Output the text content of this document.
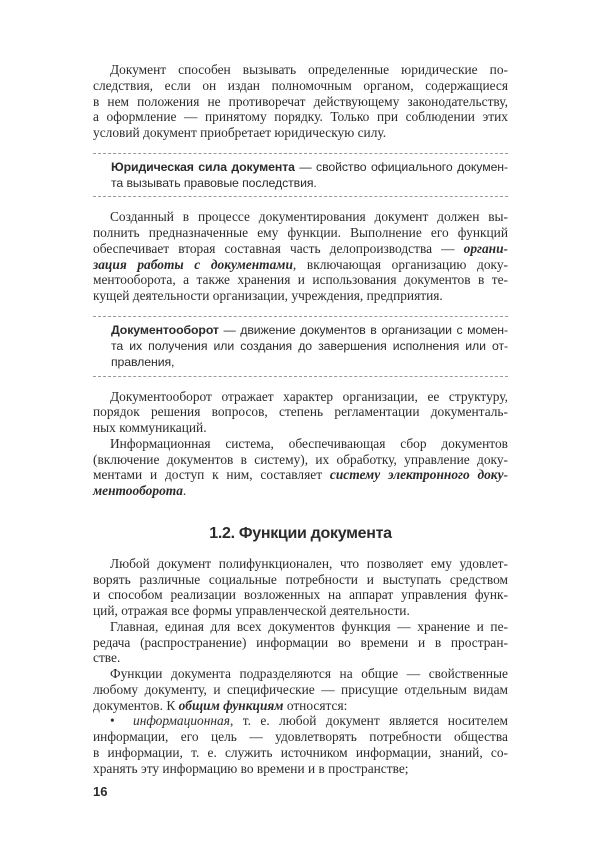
Документ способен вызывать определенные юридические по-
следствия, если он издан полномочным органом, содержащиеся
в нем положения не противоречат действующему законодательству,
а оформление — принятому порядку. Только при соблюдении этих
условий документ приобретает юридическую силу.
Юридическая сила документа — свойство официального докумен-
та вызывать правовые последствия.
Созданный в процессе документирования документ должен вы-
полнить предназначенные ему функции. Выполнение его функций
обеспечивает вторая составная часть делопроизводства — органи-
зация работы с документами, включающая организацию доку-
ментооборота, а также хранения и использования документов в те-
кущей деятельности организации, учреждения, предприятия.
Документооборот — движение документов в организации с момен-
та их получения или создания до завершения исполнения или от-
правления,
Документооборот отражает характер организации, ее структуру,
порядок решения вопросов, степень регламентации документаль-
ных коммуникаций.
Информационная система, обеспечивающая сбор документов
(включение документов в систему), их обработку, управление доку-
ментами и доступ к ним, составляет систему электронного доку-
ментооборота.
1.2. Функции документа
Любой документ полифункционален, что позволяет ему удовлет-
ворять различные социальные потребности и выступать средством
и способом реализации возложенных на аппарат управления функ-
ций, отражая все формы управленческой деятельности.
Главная, единая для всех документов функция — хранение и пе-
редача (распространение) информации во времени и в простран-
стве.
Функции документа подразделяются на общие — свойственные
любому документу, и специфические — присущие отдельным видам
документов. К общим функциям относятся:
• информационная, т. е. любой документ является носителем
информации, его цель — удовлетворять потребности общества
в информации, т. е. служить источником информации, знаний, со-
хранять эту информацию во времени и в пространстве;
16
